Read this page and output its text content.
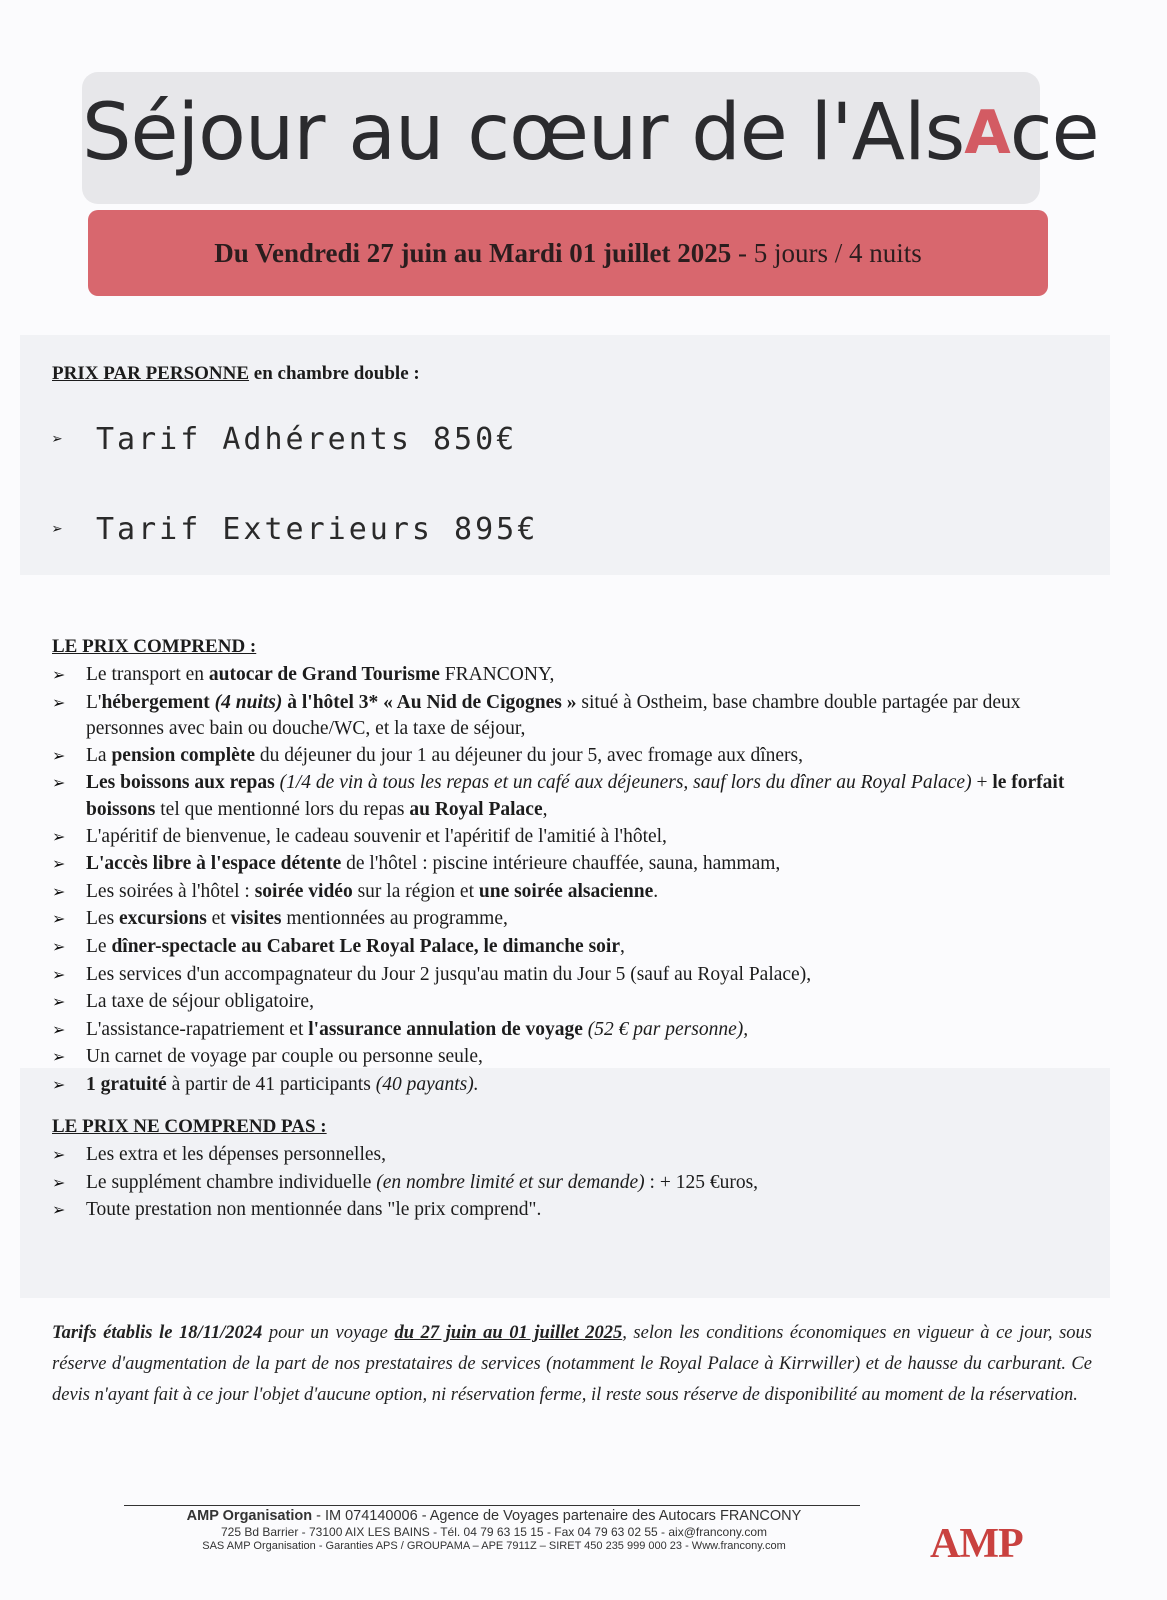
Séjour au cœur de l'AlsAce
Du Vendredi 27 juin au Mardi 01 juillet 2025 - 5 jours / 4 nuits
PRIX PAR PERSONNE en chambre double :
➢	Tarif Adhérents 850€
➢	Tarif Exterieurs 895€
LE PRIX COMPREND :
➢	Le transport en autocar de Grand Tourisme FRANCONY,
➢	L'hébergement (4 nuits) à l'hôtel 3* « Au Nid de Cigognes » situé à Ostheim, base chambre double partagée par deux personnes avec bain ou douche/WC, et la taxe de séjour,
➢	La pension complète du déjeuner du jour 1 au déjeuner du jour 5, avec fromage aux dîners,
➢	Les boissons aux repas (1/4 de vin à tous les repas et un café aux déjeuners, sauf lors du dîner au Royal Palace) + le forfait boissons tel que mentionné lors du repas au Royal Palace,
➢	L'apéritif de bienvenue, le cadeau souvenir et l'apéritif de l'amitié à l'hôtel,
➢	L'accès libre à l'espace détente de l'hôtel : piscine intérieure chauffée, sauna, hammam,
➢	Les soirées à l'hôtel : soirée vidéo sur la région et une soirée alsacienne.
➢	Les excursions et visites mentionnées au programme,
➢	Le dîner-spectacle au Cabaret Le Royal Palace, le dimanche soir,
➢	Les services d'un accompagnateur du Jour 2 jusqu'au matin du Jour 5 (sauf au Royal Palace),
➢	La taxe de séjour obligatoire,
➢	L'assistance-rapatriement et l'assurance annulation de voyage (52 € par personne),
➢	Un carnet de voyage par couple ou personne seule,
➢	1 gratuité à partir de 41 participants (40 payants).
LE PRIX NE COMPREND PAS :
➢	Les extra et les dépenses personnelles,
➢	Le supplément chambre individuelle (en nombre limité et sur demande) : + 125 €uros,
➢	Toute prestation non mentionnée dans "le prix comprend".
Tarifs établis le 18/11/2024 pour un voyage du 27 juin au 01 juillet 2025, selon les conditions économiques en vigueur à ce jour, sous réserve d'augmentation de la part de nos prestataires de services (notamment le Royal Palace à Kirrwiller) et de hausse du carburant. Ce devis n'ayant fait à ce jour l'objet d'aucune option, ni réservation ferme, il reste sous réserve de disponibilité au moment de la réservation.
AMP Organisation - IM 074140006 - Agence de Voyages partenaire des Autocars FRANCONY
725 Bd Barrier - 73100 AIX LES BAINS - Tél. 04 79 63 15 15 - Fax 04 79 63 02 55 - aix@francony.com
SAS AMP Organisation - Garanties APS / GROUPAMA – APE 7911Z – SIRET 450 235 999 000 23 - Www.francony.com	AMP
